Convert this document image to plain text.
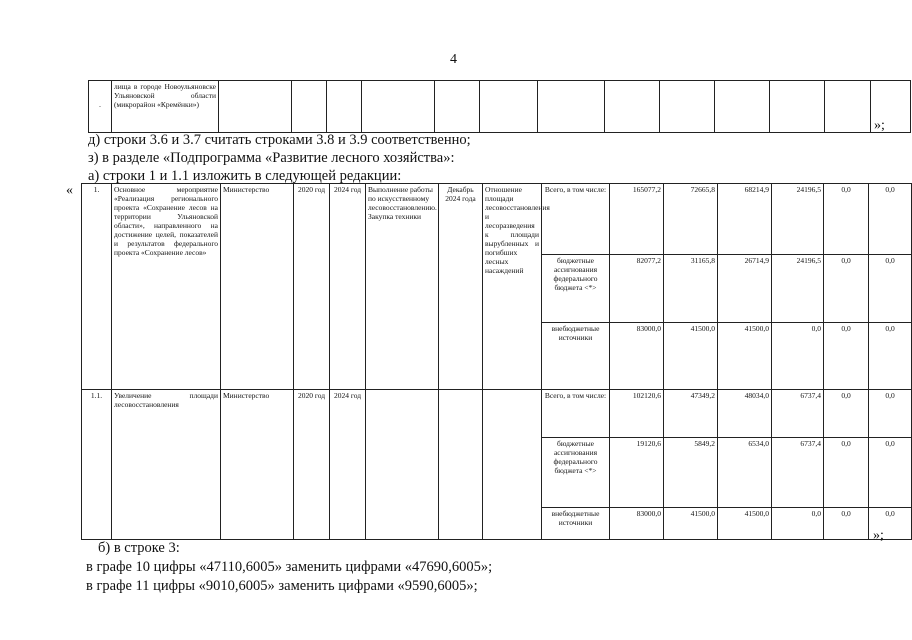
4
·	лища в городе Новоульяновске Ульяновской области (микрорайон «Кремёнки»)													
»;
д) строки 3.6 и 3.7 считать строками 3.8 и 3.9 соответственно;
з) в разделе «Подпрограмма «Развитие лесного хозяйства»:
а) строки 1 и 1.1 изложить в следующей редакции:
«	1.	Основное мероприятие «Реализация регионального проекта «Сохранение лесов на территории Ульяновской области», направленного на достижение целей, показателей и результатов федерального проекта «Сохранение лесов»	Министерство	2020 год	2024 год	Выполнение работы по искусственному лесовосстановлению. Закупка техники	Декабрь 2024 года	Отношение площади лесовосстановления и лесоразведения к площади вырубленных и погибших лесных насаждений	Всего, в том числе:	165077,2	72665,8	68214,9	24196,5	0,0	0,0
								бюджетные ассигнования федерального бюджета <*>	82077,2	31165,8	26714,9	24196,5	0,0	0,0
								внебюджетные источники	83000,0	41500,0	41500,0	0,0	0,0	0,0
1.1.	Увеличение площади лесовосстановления	Министерство	2020 год	2024 год				Всего, в том числе:	102120,6	47349,2	48034,0	6737,4	0,0	0,0
								бюджетные ассигнования федерального бюджета <*>	19120,6	5849,2	6534,0	6737,4	0,0	0,0
								внебюджетные источники	83000,0	41500,0	41500,0	0,0	0,0	0,0
»;
б) в строке 3:
в графе 10 цифры «47110,6005» заменить цифрами «47690,6005»;
в графе 11 цифры «9010,6005» заменить цифрами «9590,6005»;
